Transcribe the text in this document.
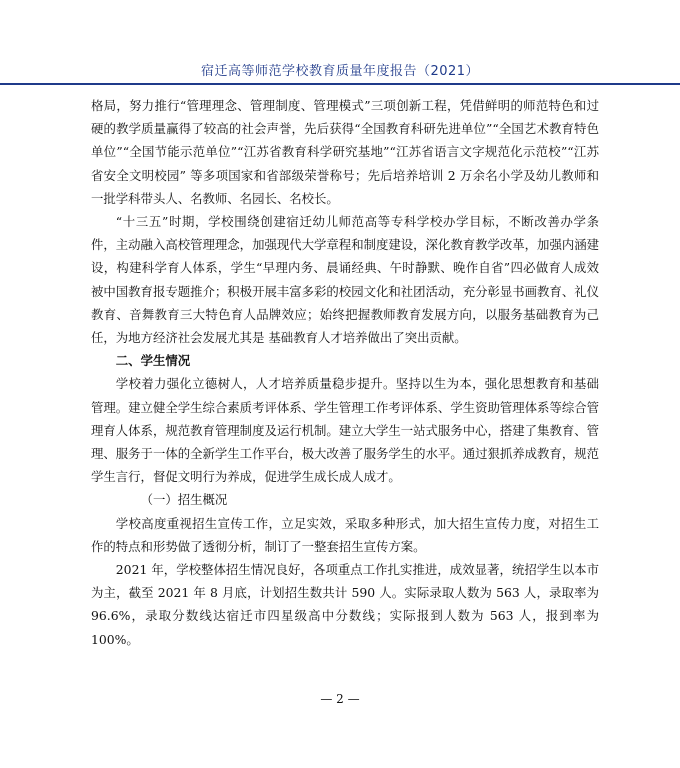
宿迁高等师范学校教育质量年度报告（2021）

格局，努力推行“管理理念、管理制度、管理模式”三项创新工程，凭借鲜明的师范特色和过硬的教学质量赢得了较高的社会声誉，先后获得“全国教育科研先进单位”“全国艺术教育特色单位”“全国节能示范单位”“江苏省教育科学研究基地”“江苏省语言文字规范化示范校”“江苏省安全文明校园” 等多项国家和省部级荣誉称号；先后培养培训 2 万余名小学及幼儿教师和一批学科带头人、名教师、名园长、名校长。

“十三五”时期，学校围绕创建宿迁幼儿师范高等专科学校办学目标，不断改善办学条件，主动融入高校管理理念，加强现代大学章程和制度建设，深化教育教学改革，加强内涵建设，构建科学育人体系，学生“早理内务、晨诵经典、午时静默、晚作自省”四必做育人成效被中国教育报专题推介；积极开展丰富多彩的校园文化和社团活动，充分彰显书画教育、礼仪教育、音舞教育三大特色育人品牌效应；始终把握教师教育发展方向，以服务基础教育为己任，为地方经济社会发展尤其是 基础教育人才培养做出了突出贡献。

二、学生情况

学校着力强化立德树人，人才培养质量稳步提升。坚持以生为本，强化思想教育和基础管理。建立健全学生综合素质考评体系、学生管理工作考评体系、学生资助管理体系等综合管理育人体系，规范教育管理制度及运行机制。建立大学生一站式服务中心，搭建了集教育、管理、服务于一体的全新学生工作平台，极大改善了服务学生的水平。通过狠抓养成教育，规范学生言行，督促文明行为养成，促进学生成长成人成才。

（一）招生概况

学校高度重视招生宣传工作，立足实效，采取多种形式，加大招生宣传力度，对招生工作的特点和形势做了透彻分析，制订了一整套招生宣传方案。

2021 年，学校整体招生情况良好，各项重点工作扎实推进，成效显著，统招学生以本市为主，截至 2021 年 8 月底，计划招生数共计 590 人。实际录取人数为 563 人，录取率为 96.6%，录取分数线达宿迁市四星级高中分数线；实际报到人数为 563 人，报到率为 100%。

— 2 —
